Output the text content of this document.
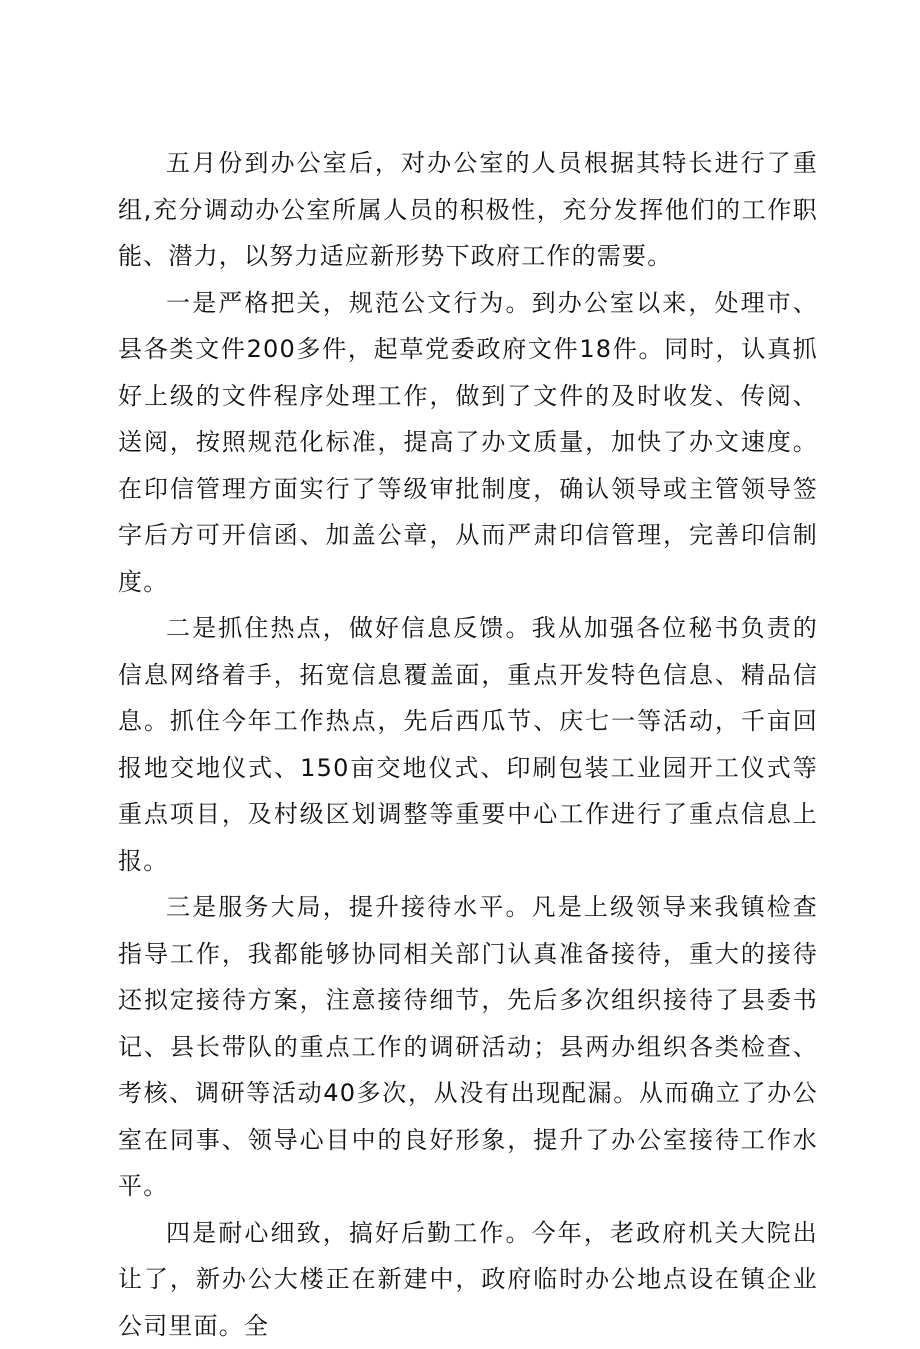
五月份到办公室后，对办公室的人员根据其特长进行了重组,充分调动办公室所属人员的积极性，充分发挥他们的工作职能、潜力，以努力适应新形势下政府工作的需要。

一是严格把关，规范公文行为。到办公室以来，处理市、县各类文件200多件，起草党委政府文件18件。同时，认真抓好上级的文件程序处理工作，做到了文件的及时收发、传阅、送阅，按照规范化标准，提高了办文质量，加快了办文速度。在印信管理方面实行了等级审批制度，确认领导或主管领导签字后方可开信函、加盖公章，从而严肃印信管理，完善印信制度。

二是抓住热点，做好信息反馈。我从加强各位秘书负责的信息网络着手，拓宽信息覆盖面，重点开发特色信息、精品信息。抓住今年工作热点，先后西瓜节、庆七一等活动，千亩回报地交地仪式、150亩交地仪式、印刷包装工业园开工仪式等重点项目，及村级区划调整等重要中心工作进行了重点信息上报。

三是服务大局，提升接待水平。凡是上级领导来我镇检查指导工作，我都能够协同相关部门认真准备接待，重大的接待还拟定接待方案，注意接待细节，先后多次组织接待了县委书记、县长带队的重点工作的调研活动；县两办组织各类检查、考核、调研等活动40多次，从没有出现配漏。从而确立了办公室在同事、领导心目中的良好形象，提升了办公室接待工作水平。

四是耐心细致，搞好后勤工作。今年，老政府机关大院出让了，新办公大楼正在新建中，政府临时办公地点设在镇企业公司里面。全
